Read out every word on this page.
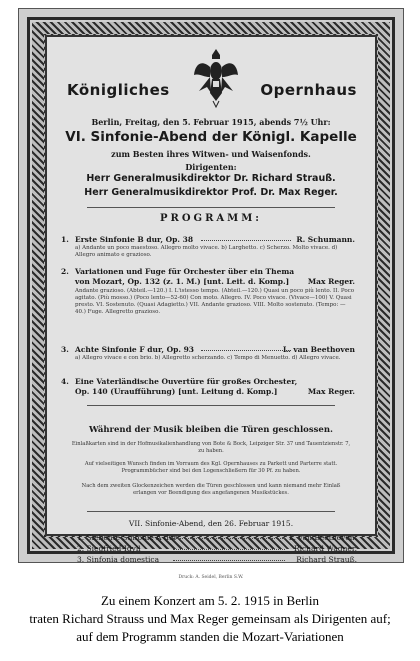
Königliches	Opernhaus
Berlin, Freitag, den 5. Februar 1915, abends 7½ Uhr:
VI. Sinfonie-Abend der Königl. Kapelle
zum Besten ihres Witwen- und Waisenfonds.
Dirigenten:
Herr Generalmusikdirektor Dr. Richard Strauß.
Herr Generalmusikdirektor Prof. Dr. Max Reger.
PROGRAMM:
1. Erste Sinfonie B dur, Op. 38	R. Schumann.
a) Andante un poco maestoso. Allegro molto vivace. b) Larghetto. c) Scherzo. Molto vivace. d) Allegro animato e grazioso.
2. Variationen und Fuge für Orchester über ein Thema
von Mozart, Op. 132 (z. 1. M.) [unt. Leit. d. Komp.] Max Reger.
Andante grazioso. (Abteil.—120.) I. L'istesso tempo. (Abteil.—120.) Quasi un poco più lento. II. Poco agitato. (Più mosso.) (Poco lento—52-60) Con moto. Allegro. IV. Poco vivace. (Vivace—100) V. Quasi presto. VI. Sostenuto. (Quasi Adagietto.) VII. Andante grazioso. VIII. Molto sostenuto. (Tempo: —40.) Fuge. Allegretto grazioso.
3. Achte Sinfonie F dur, Op. 93	L. van Beethoven
a) Allegro vivace e con brio. b) Allegretto scherzando. c) Tempo di Menuetto. d) Allegro vivace.
4. Eine Vaterländische Ouvertüre für großes Orchester,
Op. 140 (Uraufführung) [unt. Leitung d. Komp.]	Max Reger.
Während der Musik bleiben die Türen geschlossen.
Einlaßkarten sind in der Hofmusikalienhandlung von Bote & Bock, Leipziger Str. 37 und Tauentzienstr. 7, zu haben.
Auf vielseitigen Wunsch finden im Vorraum des Kgl. Opernhauses zu Parkett und Parterre statt. Programmbücher sind bei den Logenschließern für 30 Pf. zu haben.
Nach dem zweiten Glockenzeichen werden die Türen geschlossen und kann niemand mehr Einlaß erlangen vor Beendigung des angefangenen Musikstückes.
VII. Sinfonie-Abend, den 26. Februar 1915.
1. Siebente Sinfonie A dur	L. van Beethoven.
2. Siegfried-Idyll	Richard Wagner.
3. Sinfonia domestica	Richard Strauß.
Druck: A. Seidel, Berlin S.W.
Zu einem Konzert am 5. 2. 1915 in Berlin
traten Richard Strauss und Max Reger gemeinsam als Dirigenten auf;
auf dem Programm standen die Mozart-Variationen
